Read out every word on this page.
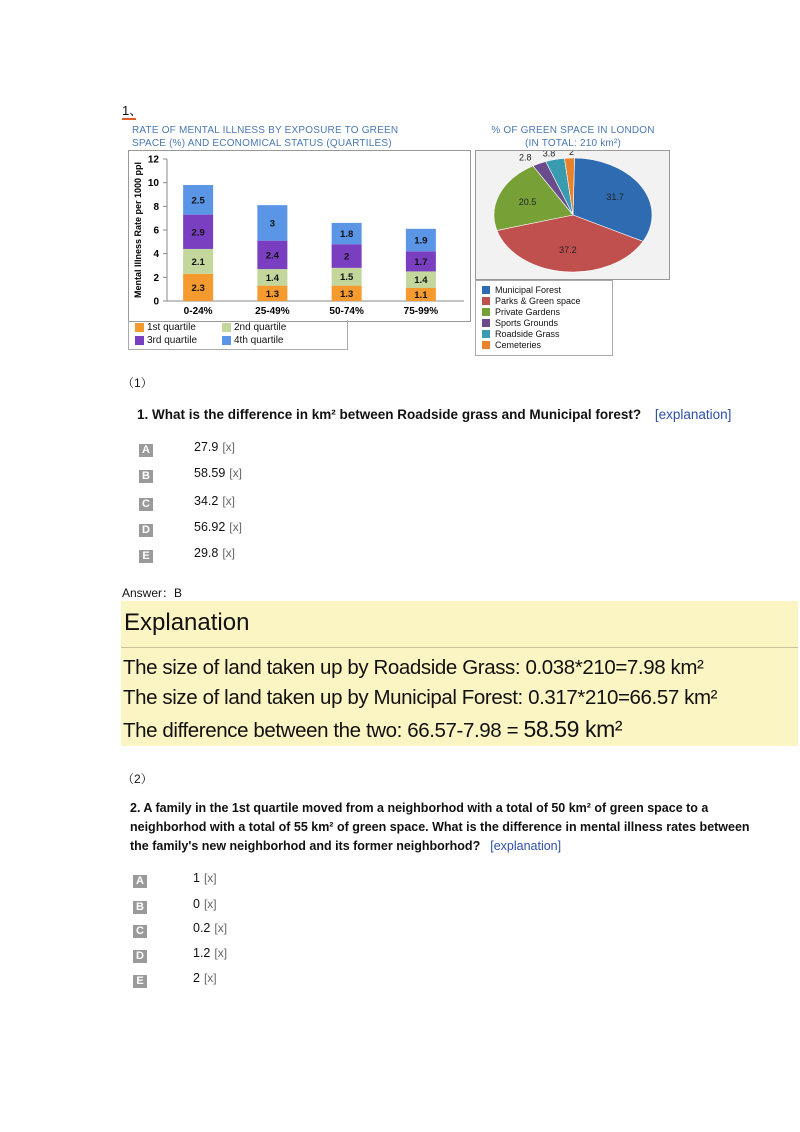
1、
RATE OF MENTAL ILLNESS BY EXPOSURE TO GREEN
SPACE (%) AND ECONOMICAL STATUS (QUARTILES)
% OF GREEN SPACE IN LONDON
(IN TOTAL: 210 km²)
Mental Illness Rate per 1000 ppl
0
2
4
6
8
10
12
2.3
2.1
2.9
2.5
0-24%
1.3
1.4
2.4
3
25-49%
1.3
1.5
2
1.8
50-74%
1.1
1.4
1.7
1.9
75-99%
1st quartile	2nd quartile
3rd quartile	4th quartile
31.7
37.2
20.5
2.8 3.8 2
Municipal Forest
Parks & Green space
Private Gardens
Sports Grounds
Roadside Grass
Cemeteries
（1）
1. What is the difference in km² between Roadside grass and Municipal forest? [explanation]
A	27.9 [x]
B	58.59 [x]
C	34.2 [x]
D	56.92 [x]
E	29.8 [x]
Answer：B
Explanation
The size of land taken up by Roadside Grass: 0.038*210=7.98 km²
The size of land taken up by Municipal Forest: 0.317*210=66.57 km²
The difference between the two: 66.57-7.98 = 58.59 km²
（2）
2. A family in the 1st quartile moved from a neighborhod with a total of 50 km² of green space to a
neighborhod with a total of 55 km² of green space. What is the difference in mental illness rates between
the family's new neighborhod and its former neighborhod? [explanation]
A	1 [x]
B	0 [x]
C	0.2 [x]
D	1.2 [x]
E	2 [x]
